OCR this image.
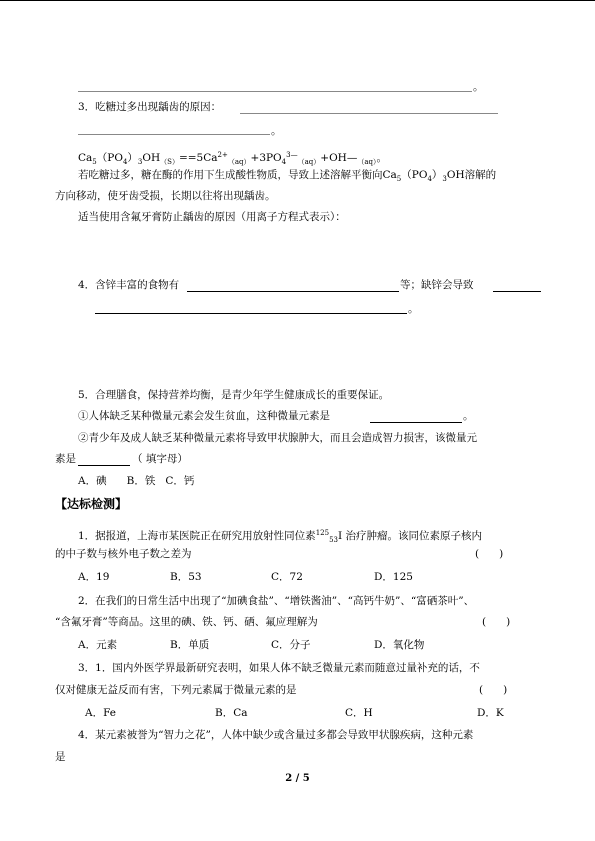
。
3．吃糖过多出现龋齿的原因：
。
$Ca_5(PO_4)_3OH_{(S)}==5Ca^{2+}_{(aq)}+3PO_4^{3—}_{(aq)}+OH—_{(aq)}$。
若吃糖过多，糖在酶的作用下生成酸性物质，导致上述溶解平衡向$Ca_5(PO_4)_3OH$溶解的
方向移动，使牙齿受损，长期以往将出现龋齿。
适当使用含氟牙膏防止龋齿的原因（用离子方程式表示）：
4．含锌丰富的食物有	等；缺锌会导致
。
5．合理膳食，保持营养均衡，是青少年学生健康成长的重要保证。
①人体缺乏某种微量元素会发生贫血，这种微量元素是	。
②青少年及成人缺乏某种微量元素将导致甲状腺肿大，而且会造成智力损害，该微量元
素是	（ 填字母）
A．碘      B．铁   C．钙
【达标检测】
1．据报道，上海市某医院正在研究用放射性同位素$^{125}_{53}$I 治疗肿瘤。该同位素原子核内
的中子数与核外电子数之差为	(      )
A．19	B．53	C．72	D．125
2．在我们的日常生活中出现了“加碘食盐”、“增铁酱油”、“高钙牛奶”、“富硒茶叶”、
“含氟牙膏”等商品。这里的碘、铁、钙、硒、氟应理解为	(      )
A．元素	B．单质	C．分子	D．氧化物
3．1．国内外医学界最新研究表明，如果人体不缺乏微量元素而随意过量补充的话，不
仅对健康无益反而有害，下列元素属于微量元素的是	(      )
A．Fe	B．Ca	C．H	D．K
4．某元素被誉为“智力之花”，人体中缺少或含量过多都会导致甲状腺疾病，这种元素
是
2 / 5
